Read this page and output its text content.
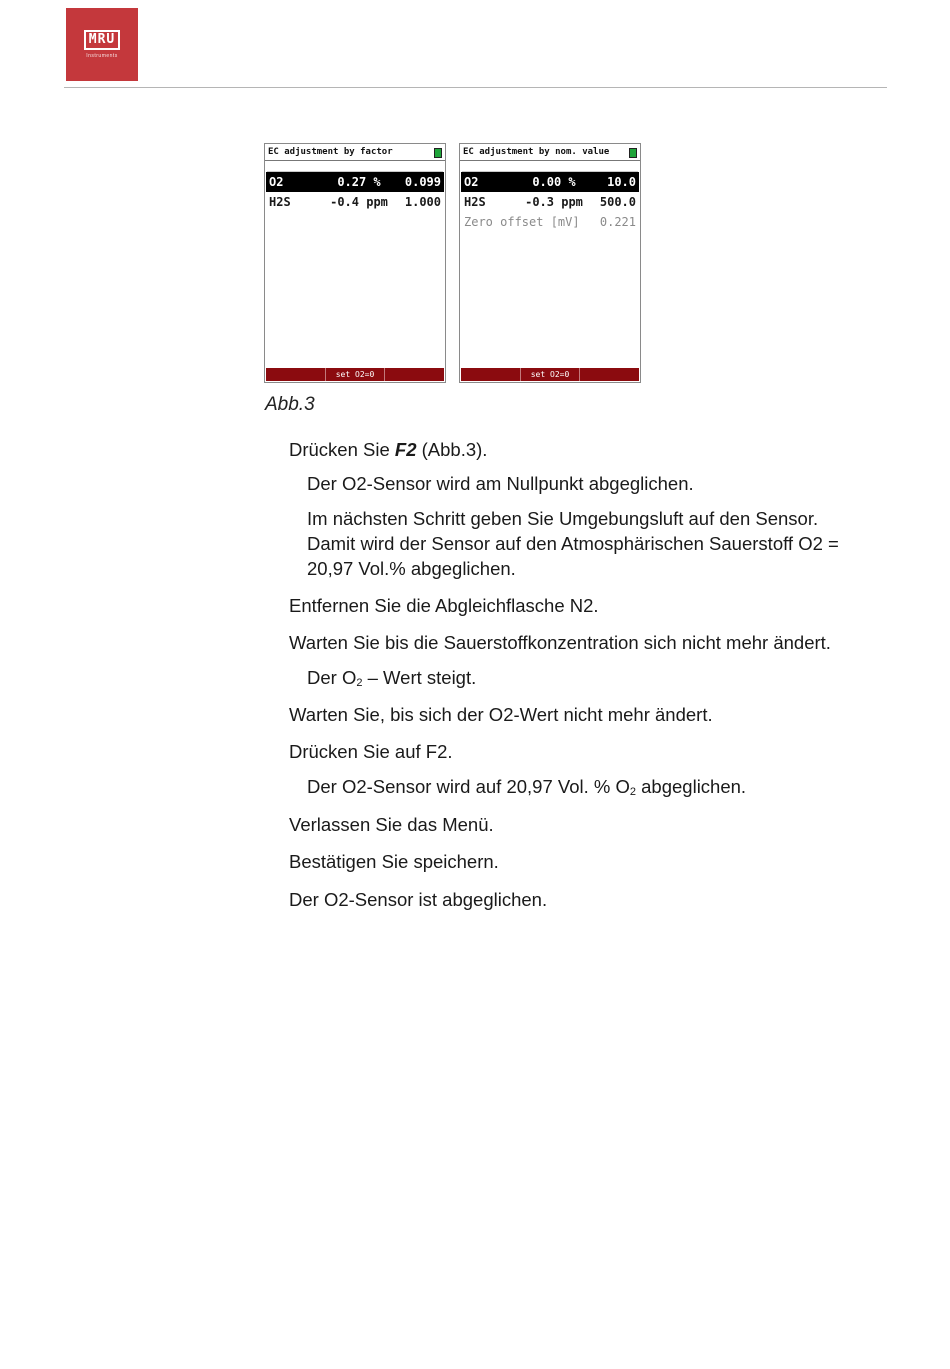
MRU
Instruments
EC adjustment by factor
O2	0.27 %	0.099
H2S	-0.4 ppm	1.000
set O2=0
EC adjustment by nom. value
O2	0.00 %	10.0
H2S	-0.3 ppm	500.0
Zero offset [mV]	0.221
set O2=0
Abb.3
Drücken Sie F2 (Abb.3).
Der O2-Sensor wird am Nullpunkt abgeglichen.
Im nächsten Schritt geben Sie Umgebungsluft auf den Sensor.
Damit wird der Sensor auf den Atmosphärischen Sauerstoff O2 =
20,97 Vol.% abgeglichen.
Entfernen Sie die Abgleichflasche N2.
Warten Sie bis die Sauerstoffkonzentration sich nicht mehr ändert.
Der $O_2$ – Wert steigt.
Warten Sie, bis sich der O2-Wert nicht mehr ändert.
Drücken Sie auf F2.
Der O2-Sensor wird auf 20,97 Vol. % $O_2$ abgeglichen.
Verlassen Sie das Menü.
Bestätigen Sie speichern.
Der O2-Sensor ist abgeglichen.
